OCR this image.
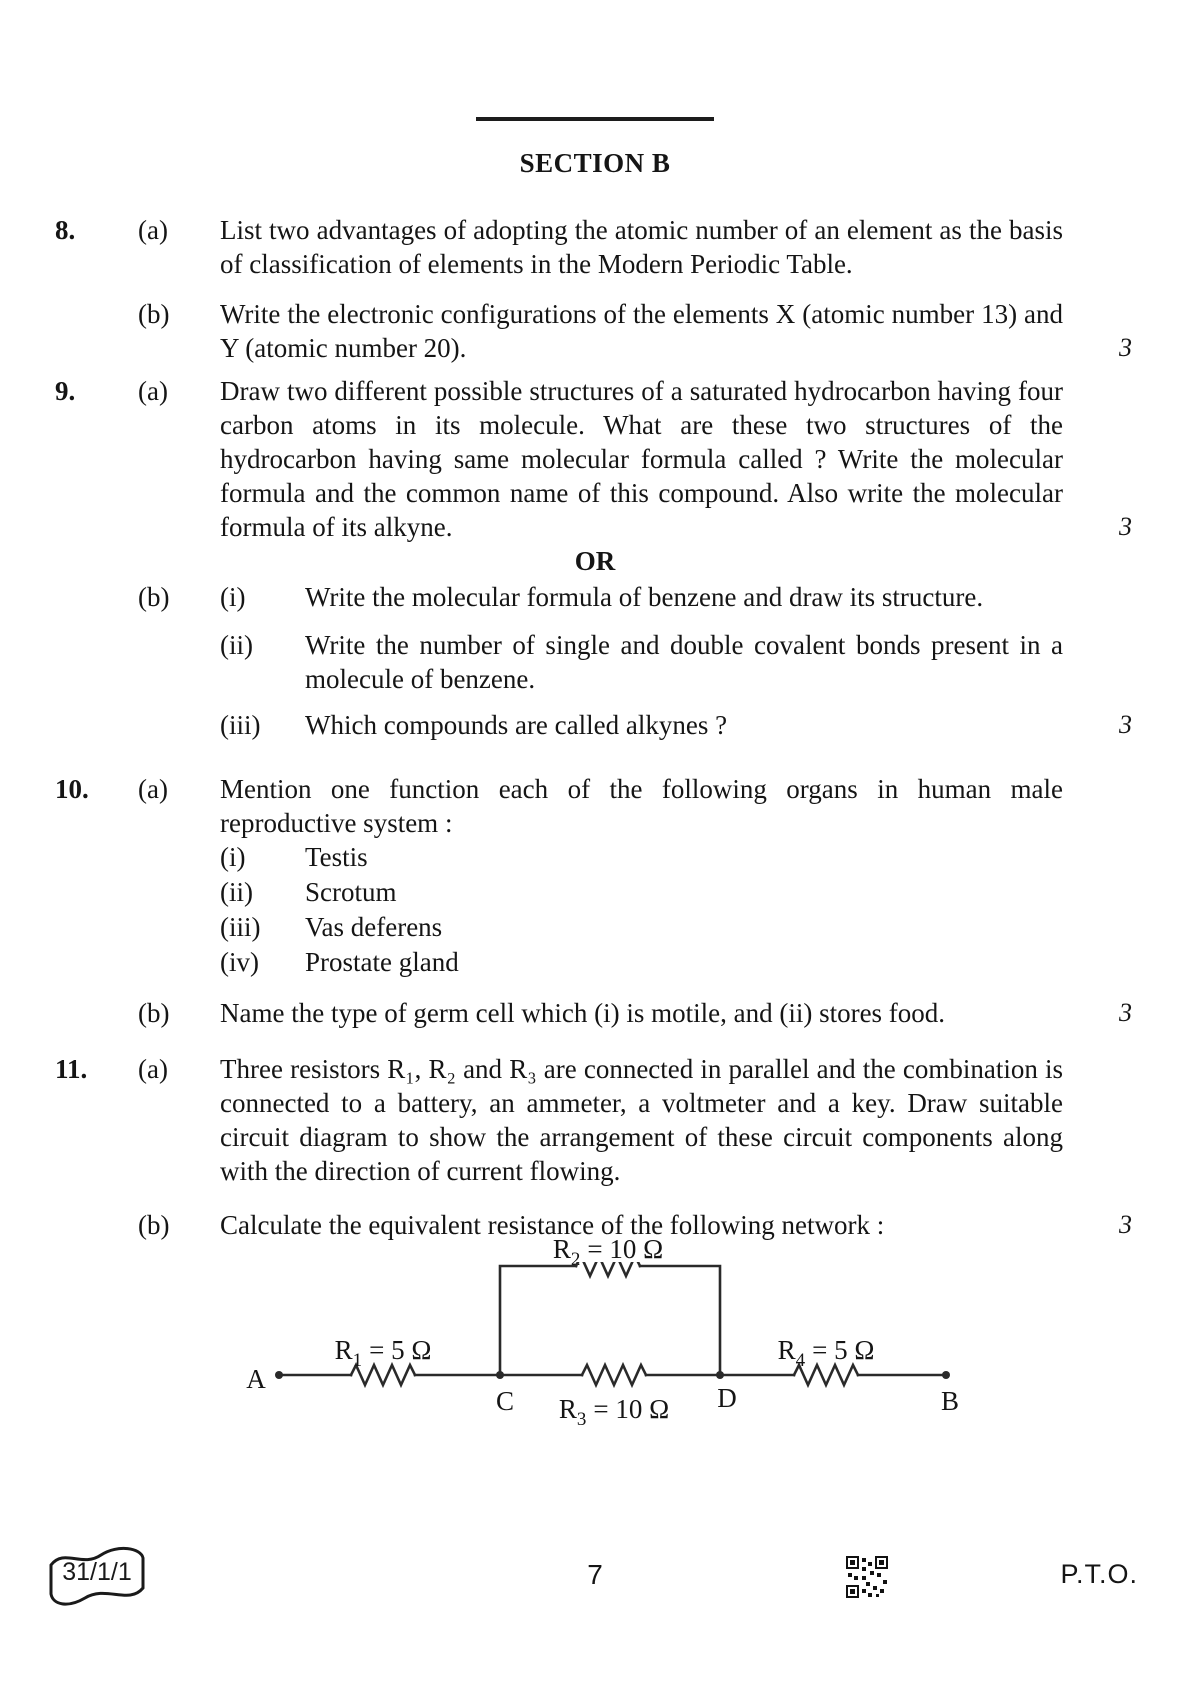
SECTION B
8.	(a)	List two advantages of adopting the atomic number of an element as the basis of classification of elements in the Modern Periodic Table.
(b)	Write the electronic configurations of the elements X (atomic number 13) and Y (atomic number 20).	3
9.	(a)	Draw two different possible structures of a saturated hydrocarbon having four carbon atoms in its molecule. What are these two structures of the hydrocarbon having same molecular formula called ? Write the molecular formula and the common name of this compound. Also write the molecular formula of its alkyne.	3
OR
(b)	(i)	Write the molecular formula of benzene and draw its structure.
(ii)	Write the number of single and double covalent bonds present in a molecule of benzene.
(iii)	Which compounds are called alkynes ?	3
10.	(a)	Mention one function each of the following organs in human male reproductive system :
(i)	Testis
(ii)	Scrotum
(iii)	Vas deferens
(iv)	Prostate gland
(b)	Name the type of germ cell which (i) is motile, and (ii) stores food.	3
11.	(a)	Three resistors R₁, R₂ and R₃ are connected in parallel and the combination is connected to a battery, an ammeter, a voltmeter and a key. Draw suitable circuit diagram to show the arrangement of these circuit components along with the direction of current flowing.
(b)	Calculate the equivalent resistance of the following network :	3
$R_2 = 10$ Ω
$R_1 = 5$ Ω	$R_4 = 5$ Ω
$R_3 = 10$ Ω
A
C	D	B
31/1/1	7	P.T.O.
